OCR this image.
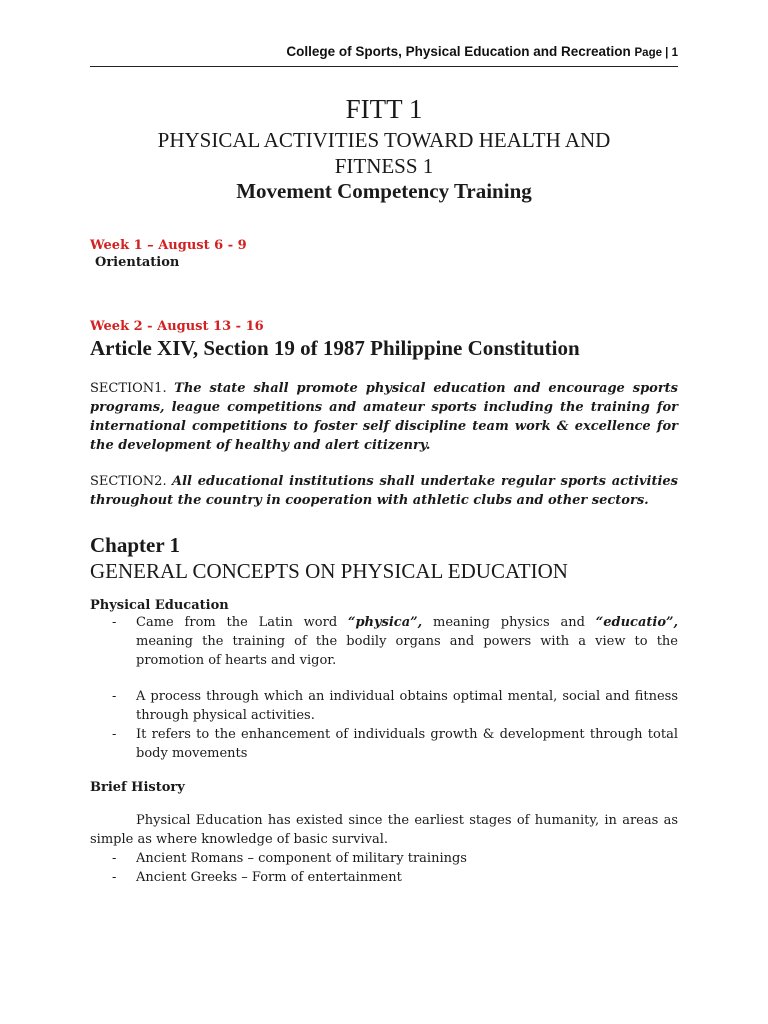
College of Sports, Physical Education and Recreation Page | 1
FITT 1
PHYSICAL ACTIVITIES TOWARD HEALTH AND
FITNESS 1
Movement Competency Training
Week 1 – August 6 - 9
Orientation
Week 2 - August 13 - 16
Article XIV, Section 19 of 1987 Philippine Constitution
SECTION1. The state shall promote physical education and encourage sports programs, league competitions and amateur sports including the training for international competitions to foster self discipline team work & excellence for the development of healthy and alert citizenry.
SECTION2. All educational institutions shall undertake regular sports activities throughout the country in cooperation with athletic clubs and other sectors.
Chapter 1
GENERAL CONCEPTS ON PHYSICAL EDUCATION
Physical Education
- Came from the Latin word “physica”, meaning physics and “educatio”, meaning the training of the bodily organs and powers with a view to the promotion of hearts and vigor.
- A process through which an individual obtains optimal mental, social and fitness through physical activities.
- It refers to the enhancement of individuals growth & development through total body movements
Brief History
Physical Education has existed since the earliest stages of humanity, in areas as simple as where knowledge of basic survival.
- Ancient Romans – component of military trainings
- Ancient Greeks – Form of entertainment
